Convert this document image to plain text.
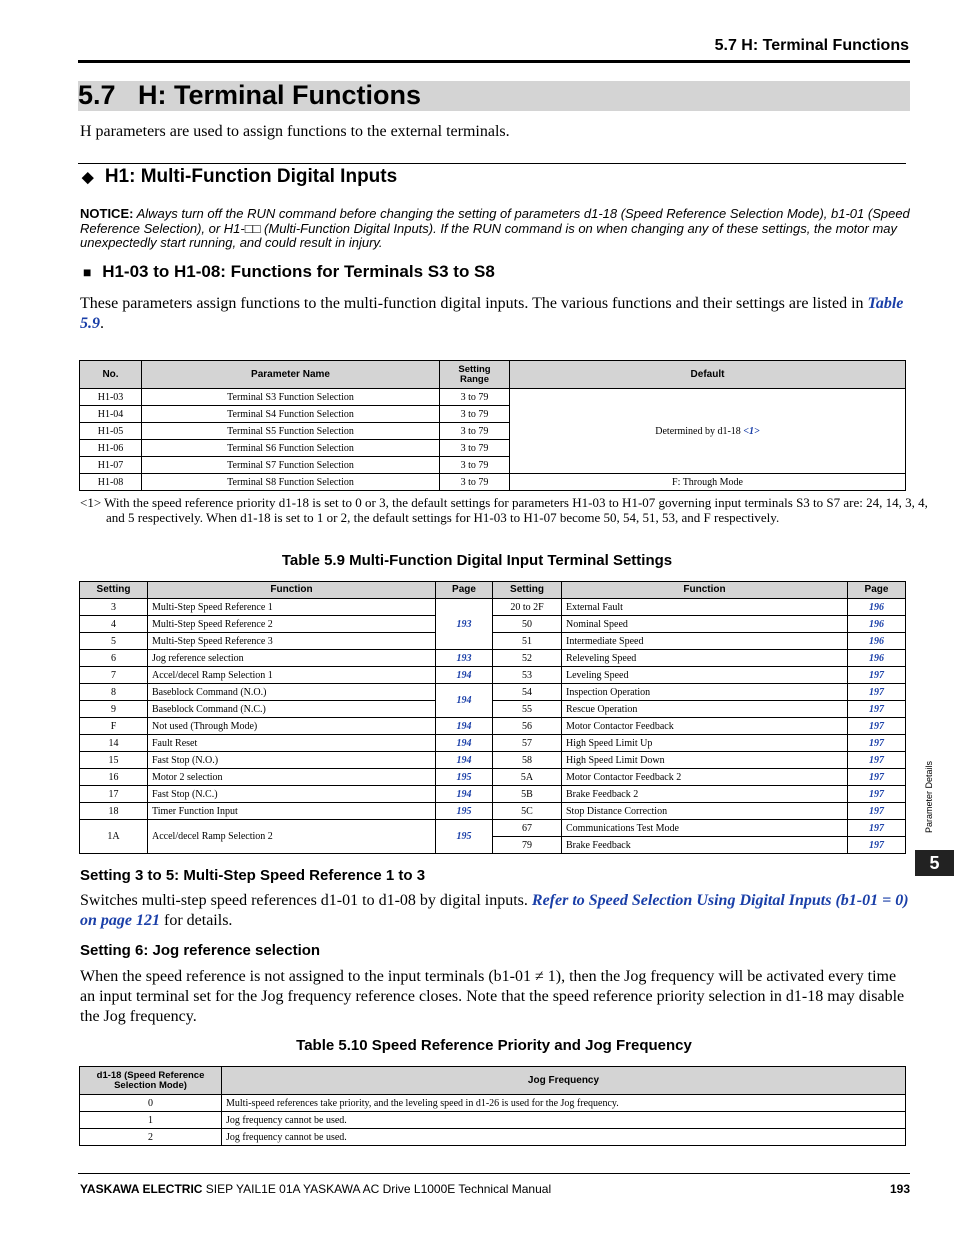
5.7 H: Terminal Functions
5.7   H: Terminal Functions
H parameters are used to assign functions to the external terminals.
◆ H1: Multi-Function Digital Inputs
NOTICE: Always turn off the RUN command before changing the setting of parameters d1-18 (Speed Reference Selection Mode), b1-01 (Speed Reference Selection), or H1-□□ (Multi-Function Digital Inputs). If the RUN command is on when changing any of these settings, the motor may unexpectedly start running, and could result in injury.
■ H1-03 to H1-08: Functions for Terminals S3 to S8
These parameters assign functions to the multi-function digital inputs. The various functions and their settings are listed in Table 5.9.
No.	Parameter Name	Setting Range	Default
H1-03	Terminal S3 Function Selection	3 to 79	Determined by d1-18 <1>
H1-04	Terminal S4 Function Selection	3 to 79	
H1-05	Terminal S5 Function Selection	3 to 79	
H1-06	Terminal S6 Function Selection	3 to 79	
H1-07	Terminal S7 Function Selection	3 to 79	
H1-08	Terminal S8 Function Selection	3 to 79	F: Through Mode
<1> With the speed reference priority d1-18 is set to 0 or 3, the default settings for parameters H1-03 to H1-07 governing input terminals S3 to S7 are: 24, 14, 3, 4, and 5 respectively. When d1-18 is set to 1 or 2, the default settings for H1-03 to H1-07 become 50, 54, 51, 53, and F respectively.
Table 5.9 Multi-Function Digital Input Terminal Settings
Setting	Function	Page	Setting	Function	Page
3	Multi-Step Speed Reference 1	193	20 to 2F	External Fault	196
4	Multi-Step Speed Reference 2		50	Nominal Speed	196
5	Multi-Step Speed Reference 3		51	Intermediate Speed	196
6	Jog reference selection	193	52	Releveling Speed	196
7	Accel/decel Ramp Selection 1	194	53	Leveling Speed	197
8	Baseblock Command (N.O.)	194	54	Inspection Operation	197
9	Baseblock Command (N.C.)		55	Rescue Operation	197
F	Not used (Through Mode)	194	56	Motor Contactor Feedback	197
14	Fault Reset	194	57	High Speed Limit Up	197
15	Fast Stop (N.O.)	194	58	High Speed Limit Down	197
16	Motor 2 selection	195	5A	Motor Contactor Feedback 2	197
17	Fast Stop (N.C.)	194	5B	Brake Feedback 2	197
18	Timer Function Input	195	5C	Stop Distance Correction	197
1A	Accel/decel Ramp Selection 2	195	67	Communications Test Mode	197
			79	Brake Feedback	197
Setting 3 to 5: Multi-Step Speed Reference 1 to 3
Switches multi-step speed references d1-01 to d1-08 by digital inputs. Refer to Speed Selection Using Digital Inputs (b1-01 = 0) on page 121 for details.
Setting 6: Jog reference selection
When the speed reference is not assigned to the input terminals (b1-01 ≠ 1), then the Jog frequency will be activated every time an input terminal set for the Jog frequency reference closes. Note that the speed reference priority selection in d1-18 may disable the Jog frequency.
Table 5.10 Speed Reference Priority and Jog Frequency
d1-18 (Speed Reference Selection Mode)	Jog Frequency
0	Multi-speed references take priority, and the leveling speed in d1-26 is used for the Jog frequency.
1	Jog frequency cannot be used.
2	Jog frequency cannot be used.
Parameter Details
5
YASKAWA ELECTRIC SIEP YAIL1E 01A YASKAWA AC Drive L1000E Technical Manual	193
